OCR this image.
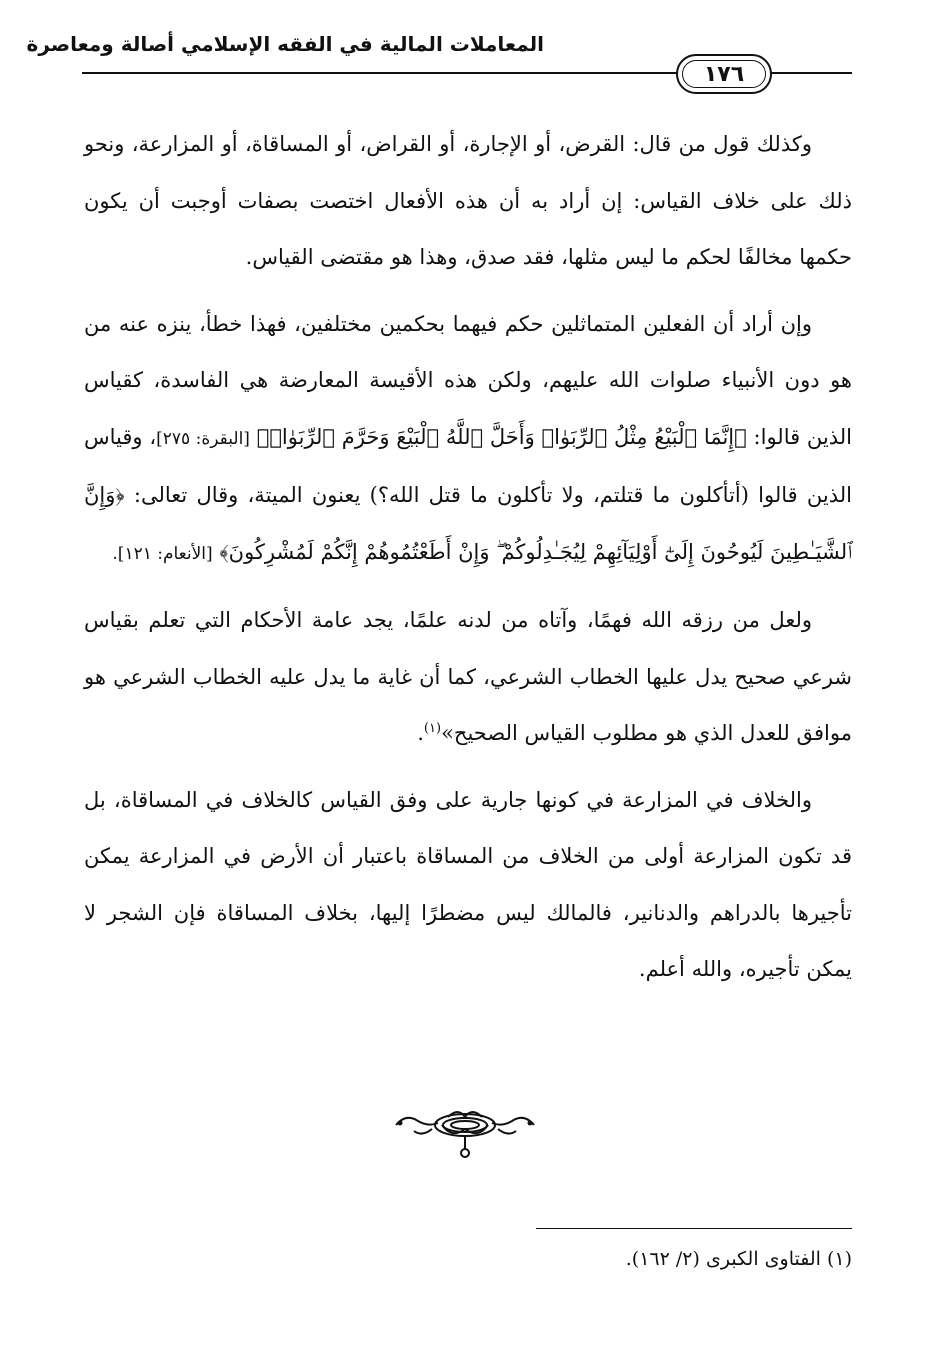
المعاملات المالية في الفقه الإسلامي أصالة ومعاصرة
١٧٦

وكذلك قول من قال: القرض، أو الإجارة، أو القراض، أو المساقاة، أو المزارعة، ونحو ذلك على خلاف القياس: إن أراد به أن هذه الأفعال اختصت بصفات أوجبت أن يكون حكمها مخالفًا لحكم ما ليس مثلها، فقد صدق، وهذا هو مقتضى القياس.

وإن أراد أن الفعلين المتماثلين حكم فيهما بحكمين مختلفين، فهذا خطأ، ينزه عنه من هو دون الأنبياء صلوات الله عليهم، ولكن هذه الأقيسة المعارضة هي الفاسدة، كقياس الذين قالوا: ﴿إِنَّمَا ٱلْبَيْعُ مِثْلُ ٱلرِّبَوٰا۟ وَأَحَلَّ ٱللَّهُ ٱلْبَيْعَ وَحَرَّمَ ٱلرِّبَوٰا۟﴾ [البقرة: ٢٧٥]، وقياس الذين قالوا (أتأكلون ما قتلتم، ولا تأكلون ما قتل الله؟) يعنون الميتة، وقال تعالى: ﴿وَإِنَّ ٱلشَّيَـٰطِينَ لَيُوحُونَ إِلَىٰٓ أَوْلِيَآئِهِمْ لِيُجَـٰدِلُوكُمْ ۖ وَإِنْ أَطَعْتُمُوهُمْ إِنَّكُمْ لَمُشْرِكُونَ﴾ [الأنعام: ١٢١].

ولعل من رزقه الله فهمًا، وآتاه من لدنه علمًا، يجد عامة الأحكام التي تعلم بقياس شرعي صحيح يدل عليها الخطاب الشرعي، كما أن غاية ما يدل عليه الخطاب الشرعي هو موافق للعدل الذي هو مطلوب القياس الصحيح»$^{(١)}$.

والخلاف في المزارعة في كونها جارية على وفق القياس كالخلاف في المساقاة، بل قد تكون المزارعة أولى من الخلاف من المساقاة باعتبار أن الأرض في المزارعة يمكن تأجيرها بالدراهم والدنانير، فالمالك ليس مضطرًا إليها، بخلاف المساقاة فإن الشجر لا يمكن تأجيره، والله أعلم.

(١) الفتاوى الكبرى (٢/ ١٦٢).
